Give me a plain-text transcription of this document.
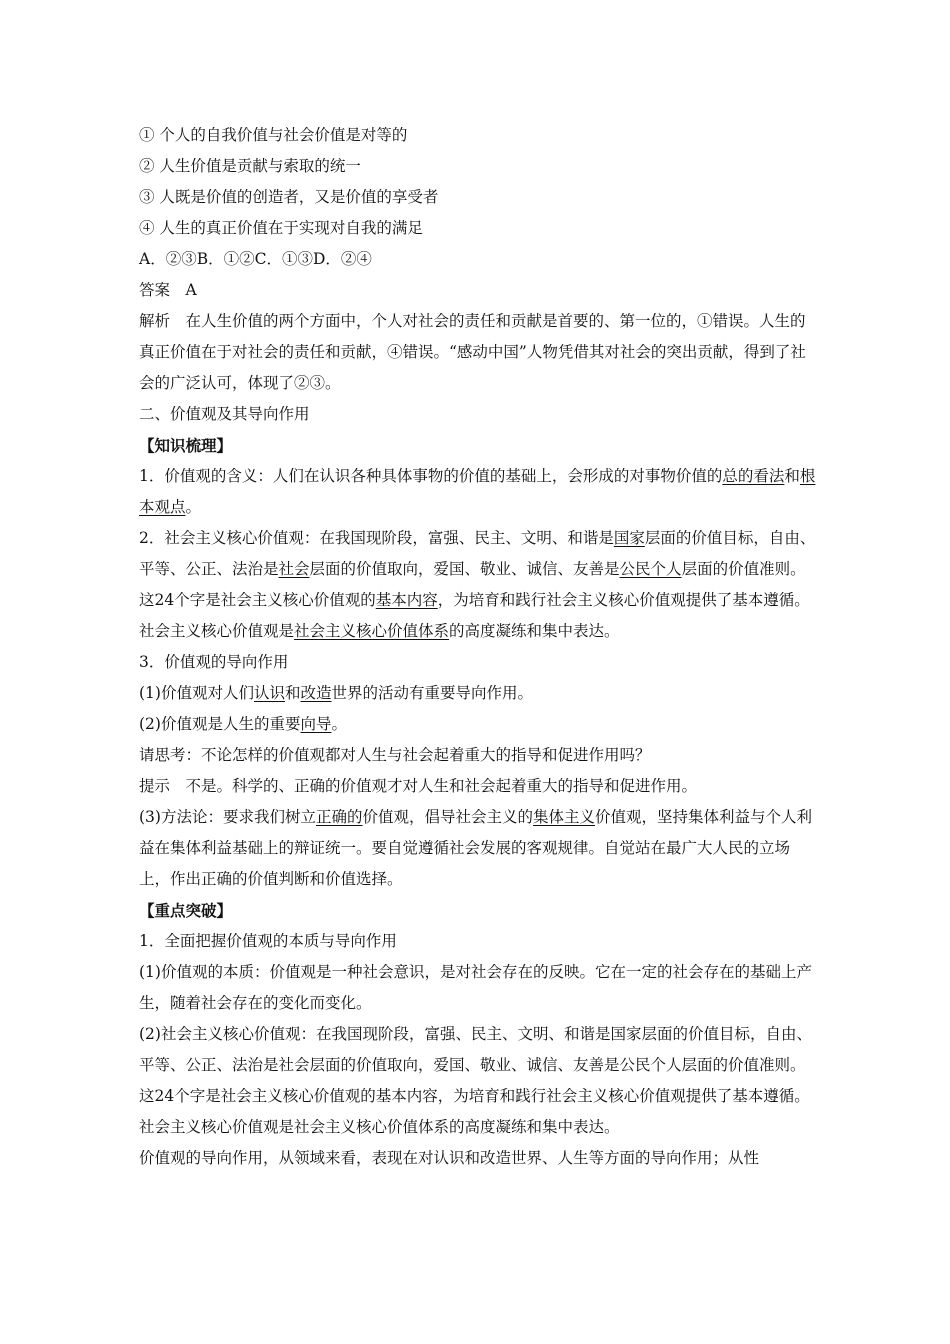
① 个人的自我价值与社会价值是对等的

② 人生价值是贡献与索取的统一

③ 人既是价值的创造者，又是价值的享受者

④ 人生的真正价值在于实现对自我的满足

A．②③B．①②C．①③D．②④

答案　A

解析　在人生价值的两个方面中，个人对社会的责任和贡献是首要的、第一位的，①错误。人生的真正价值在于对社会的责任和贡献，④错误。“感动中国”人物凭借其对社会的突出贡献，得到了社会的广泛认可，体现了②③。

二、价值观及其导向作用

【知识梳理】

1．价值观的含义：人们在认识各种具体事物的价值的基础上，会形成的对事物价值的总的看法和根本观点。

2．社会主义核心价值观：在我国现阶段，富强、民主、文明、和谐是国家层面的价值目标，自由、平等、公正、法治是社会层面的价值取向，爱国、敬业、诚信、友善是公民个人层面的价值准则。这24个字是社会主义核心价值观的基本内容，为培育和践行社会主义核心价值观提供了基本遵循。社会主义核心价值观是社会主义核心价值体系的高度凝练和集中表达。

3．价值观的导向作用

(1)价值观对人们认识和改造世界的活动有重要导向作用。

(2)价值观是人生的重要向导。

请思考：不论怎样的价值观都对人生与社会起着重大的指导和促进作用吗？

提示　不是。科学的、正确的价值观才对人生和社会起着重大的指导和促进作用。

(3)方法论：要求我们树立正确的价值观，倡导社会主义的集体主义价值观，坚持集体利益与个人利益在集体利益基础上的辩证统一。要自觉遵循社会发展的客观规律。自觉站在最广大人民的立场上，作出正确的价值判断和价值选择。

【重点突破】

1．全面把握价值观的本质与导向作用

(1)价值观的本质：价值观是一种社会意识，是对社会存在的反映。它在一定的社会存在的基础上产生，随着社会存在的变化而变化。

(2)社会主义核心价值观：在我国现阶段，富强、民主、文明、和谐是国家层面的价值目标，自由、平等、公正、法治是社会层面的价值取向，爱国、敬业、诚信、友善是公民个人层面的价值准则。这24个字是社会主义核心价值观的基本内容，为培育和践行社会主义核心价值观提供了基本遵循。社会主义核心价值观是社会主义核心价值体系的高度凝练和集中表达。

价值观的导向作用，从领域来看，表现在对认识和改造世界、人生等方面的导向作用；从性
